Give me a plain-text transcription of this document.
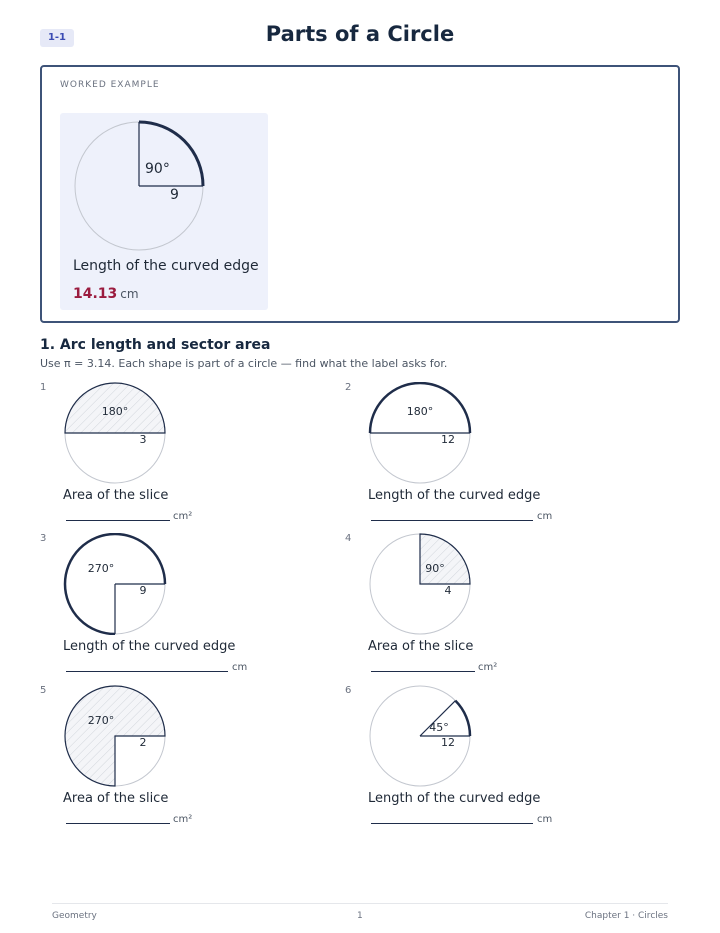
1-1	Parts of a Circle
WORKED EXAMPLE
90°
9
Length of the curved edge
14.13 cm
1. Arc length and sector area
Use π = 3.14. Each shape is part of a circle — find what the label asks for.
1
180°
3
Area of the slice
cm²
2
180°
12
Length of the curved edge
cm
3
270°
9
Length of the curved edge
cm
4
90°
4
Area of the slice
cm²
5
270°
2
Area of the slice
cm²
6
45°
12
Length of the curved edge
cm
Geometry	1	Chapter 1 · Circles
